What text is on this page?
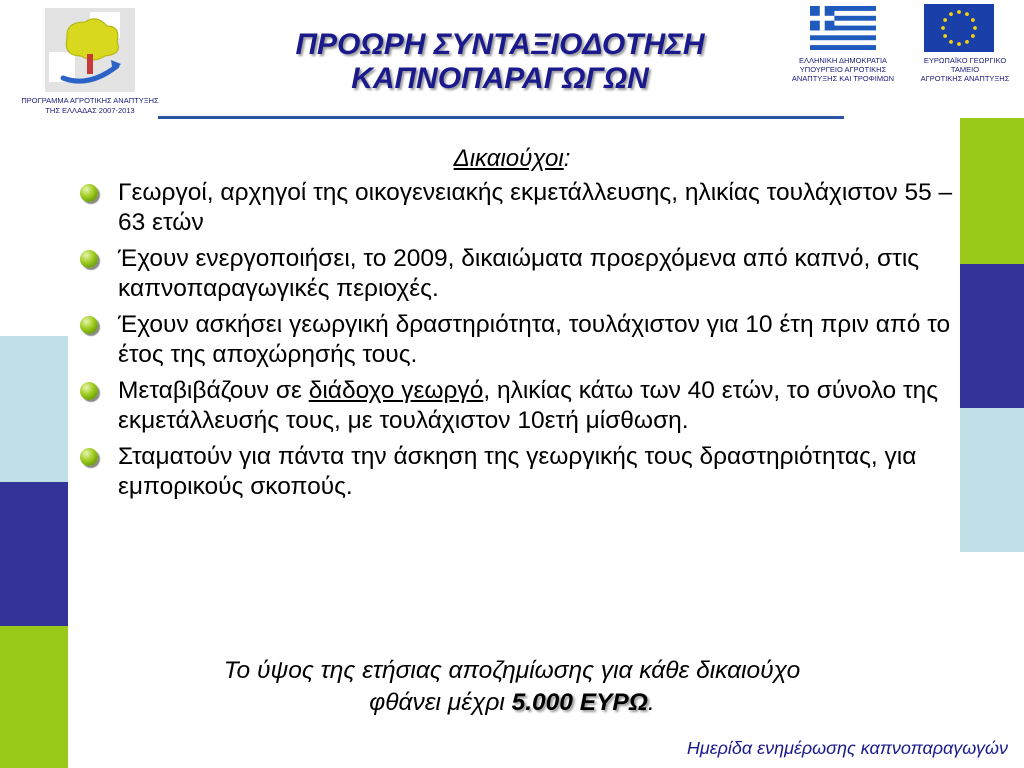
ΠΡΟΓΡΑΜΜΑ ΑΓΡΟΤΙΚΗΣ ΑΝΑΠΤΥΞΗΣ
ΤΗΣ ΕΛΛΑΔΑΣ 2007-2013
ΠΡΟΩΡΗ ΣΥΝΤΑΞΙΟΔΟΤΗΣΗ
ΚΑΠΝΟΠΑΡΑΓΩΓΩΝ
ΕΛΛΗΝΙΚΗ ΔΗΜΟΚΡΑΤΙΑ
ΥΠΟΥΡΓΕΙΟ ΑΓΡΟΤΙΚΗΣ
ΑΝΑΠΤΥΞΗΣ ΚΑΙ ΤΡΟΦΙΜΩΝ
ΕΥΡΩΠΑΪΚΟ ΓΕΩΡΓΙΚΟ
ΤΑΜΕΙΟ
ΑΓΡΟΤΙΚΗΣ ΑΝΑΠΤΥΞΗΣ
Δικαιούχοι:
Γεωργοί, αρχηγοί της οικογενειακής εκμετάλλευσης, ηλικίας τουλάχιστον 55 – 63 ετών
Έχουν ενεργοποιήσει, το 2009, δικαιώματα προερχόμενα από καπνό, στις καπνοπαραγωγικές περιοχές.
Έχουν ασκήσει γεωργική δραστηριότητα, τουλάχιστον για 10 έτη πριν από το έτος της αποχώρησής τους.
Μεταβιβάζουν σε διάδοχο γεωργό, ηλικίας κάτω των 40 ετών, το σύνολο της εκμετάλλευσής τους, με τουλάχιστον 10ετή μίσθωση.
Σταματούν για πάντα την άσκηση της γεωργικής τους δραστηριότητας, για εμπορικούς σκοπούς.
Το ύψος της ετήσιας αποζημίωσης για κάθε δικαιούχο
φθάνει μέχρι 5.000 ΕΥΡΩ.
Ημερίδα ενημέρωσης καπνοπαραγωγών
